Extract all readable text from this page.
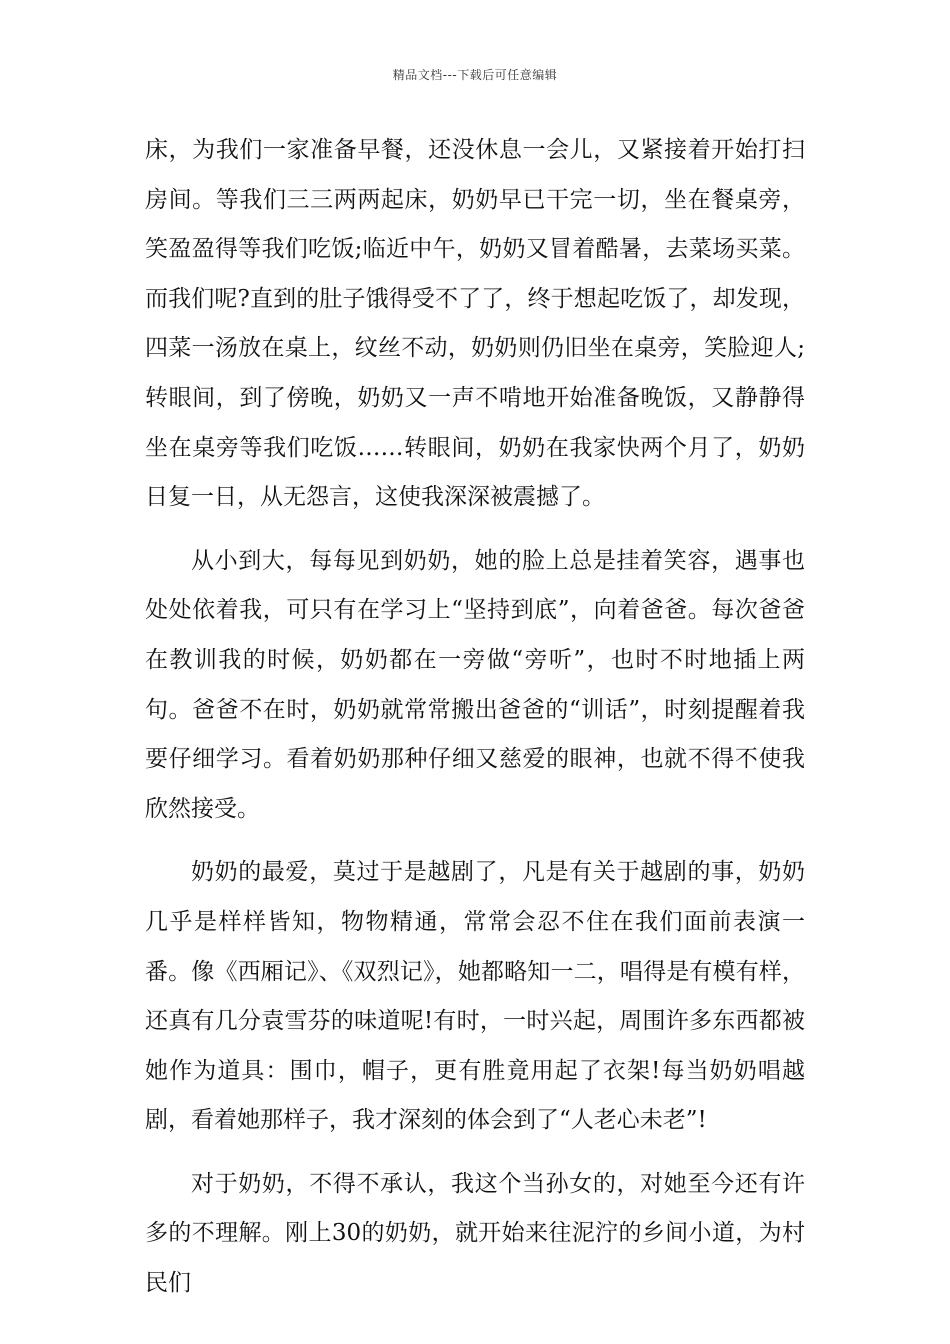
精品文档---下载后可任意编辑

床，为我们一家准备早餐，还没休息一会儿，又紧接着开始打扫房间。等我们三三两两起床，奶奶早已干完一切，坐在餐桌旁，笑盈盈得等我们吃饭;临近中午，奶奶又冒着酷暑，去菜场买菜。而我们呢?直到的肚子饿得受不了了，终于想起吃饭了，却发现，四菜一汤放在桌上，纹丝不动，奶奶则仍旧坐在桌旁，笑脸迎人;转眼间，到了傍晚，奶奶又一声不啃地开始准备晚饭，又静静得坐在桌旁等我们吃饭……转眼间，奶奶在我家快两个月了，奶奶日复一日，从无怨言，这使我深深被震撼了。

从小到大，每每见到奶奶，她的脸上总是挂着笑容，遇事也处处依着我，可只有在学习上“坚持到底”，向着爸爸。每次爸爸在教训我的时候，奶奶都在一旁做“旁听”，也时不时地插上两句。爸爸不在时，奶奶就常常搬出爸爸的“训话”，时刻提醒着我要仔细学习。看着奶奶那种仔细又慈爱的眼神，也就不得不使我欣然接受。

奶奶的最爱，莫过于是越剧了，凡是有关于越剧的事，奶奶几乎是样样皆知，物物精通，常常会忍不住在我们面前表演一番。像《西厢记》、《双烈记》，她都略知一二，唱得是有模有样，还真有几分袁雪芬的味道呢!有时，一时兴起，周围许多东西都被她作为道具：围巾，帽子，更有胜竟用起了衣架!每当奶奶唱越剧，看着她那样子，我才深刻的体会到了“人老心未老”!

对于奶奶，不得不承认，我这个当孙女的，对她至今还有许多的不理解。刚上30的奶奶，就开始来往泥泞的乡间小道，为村民们
